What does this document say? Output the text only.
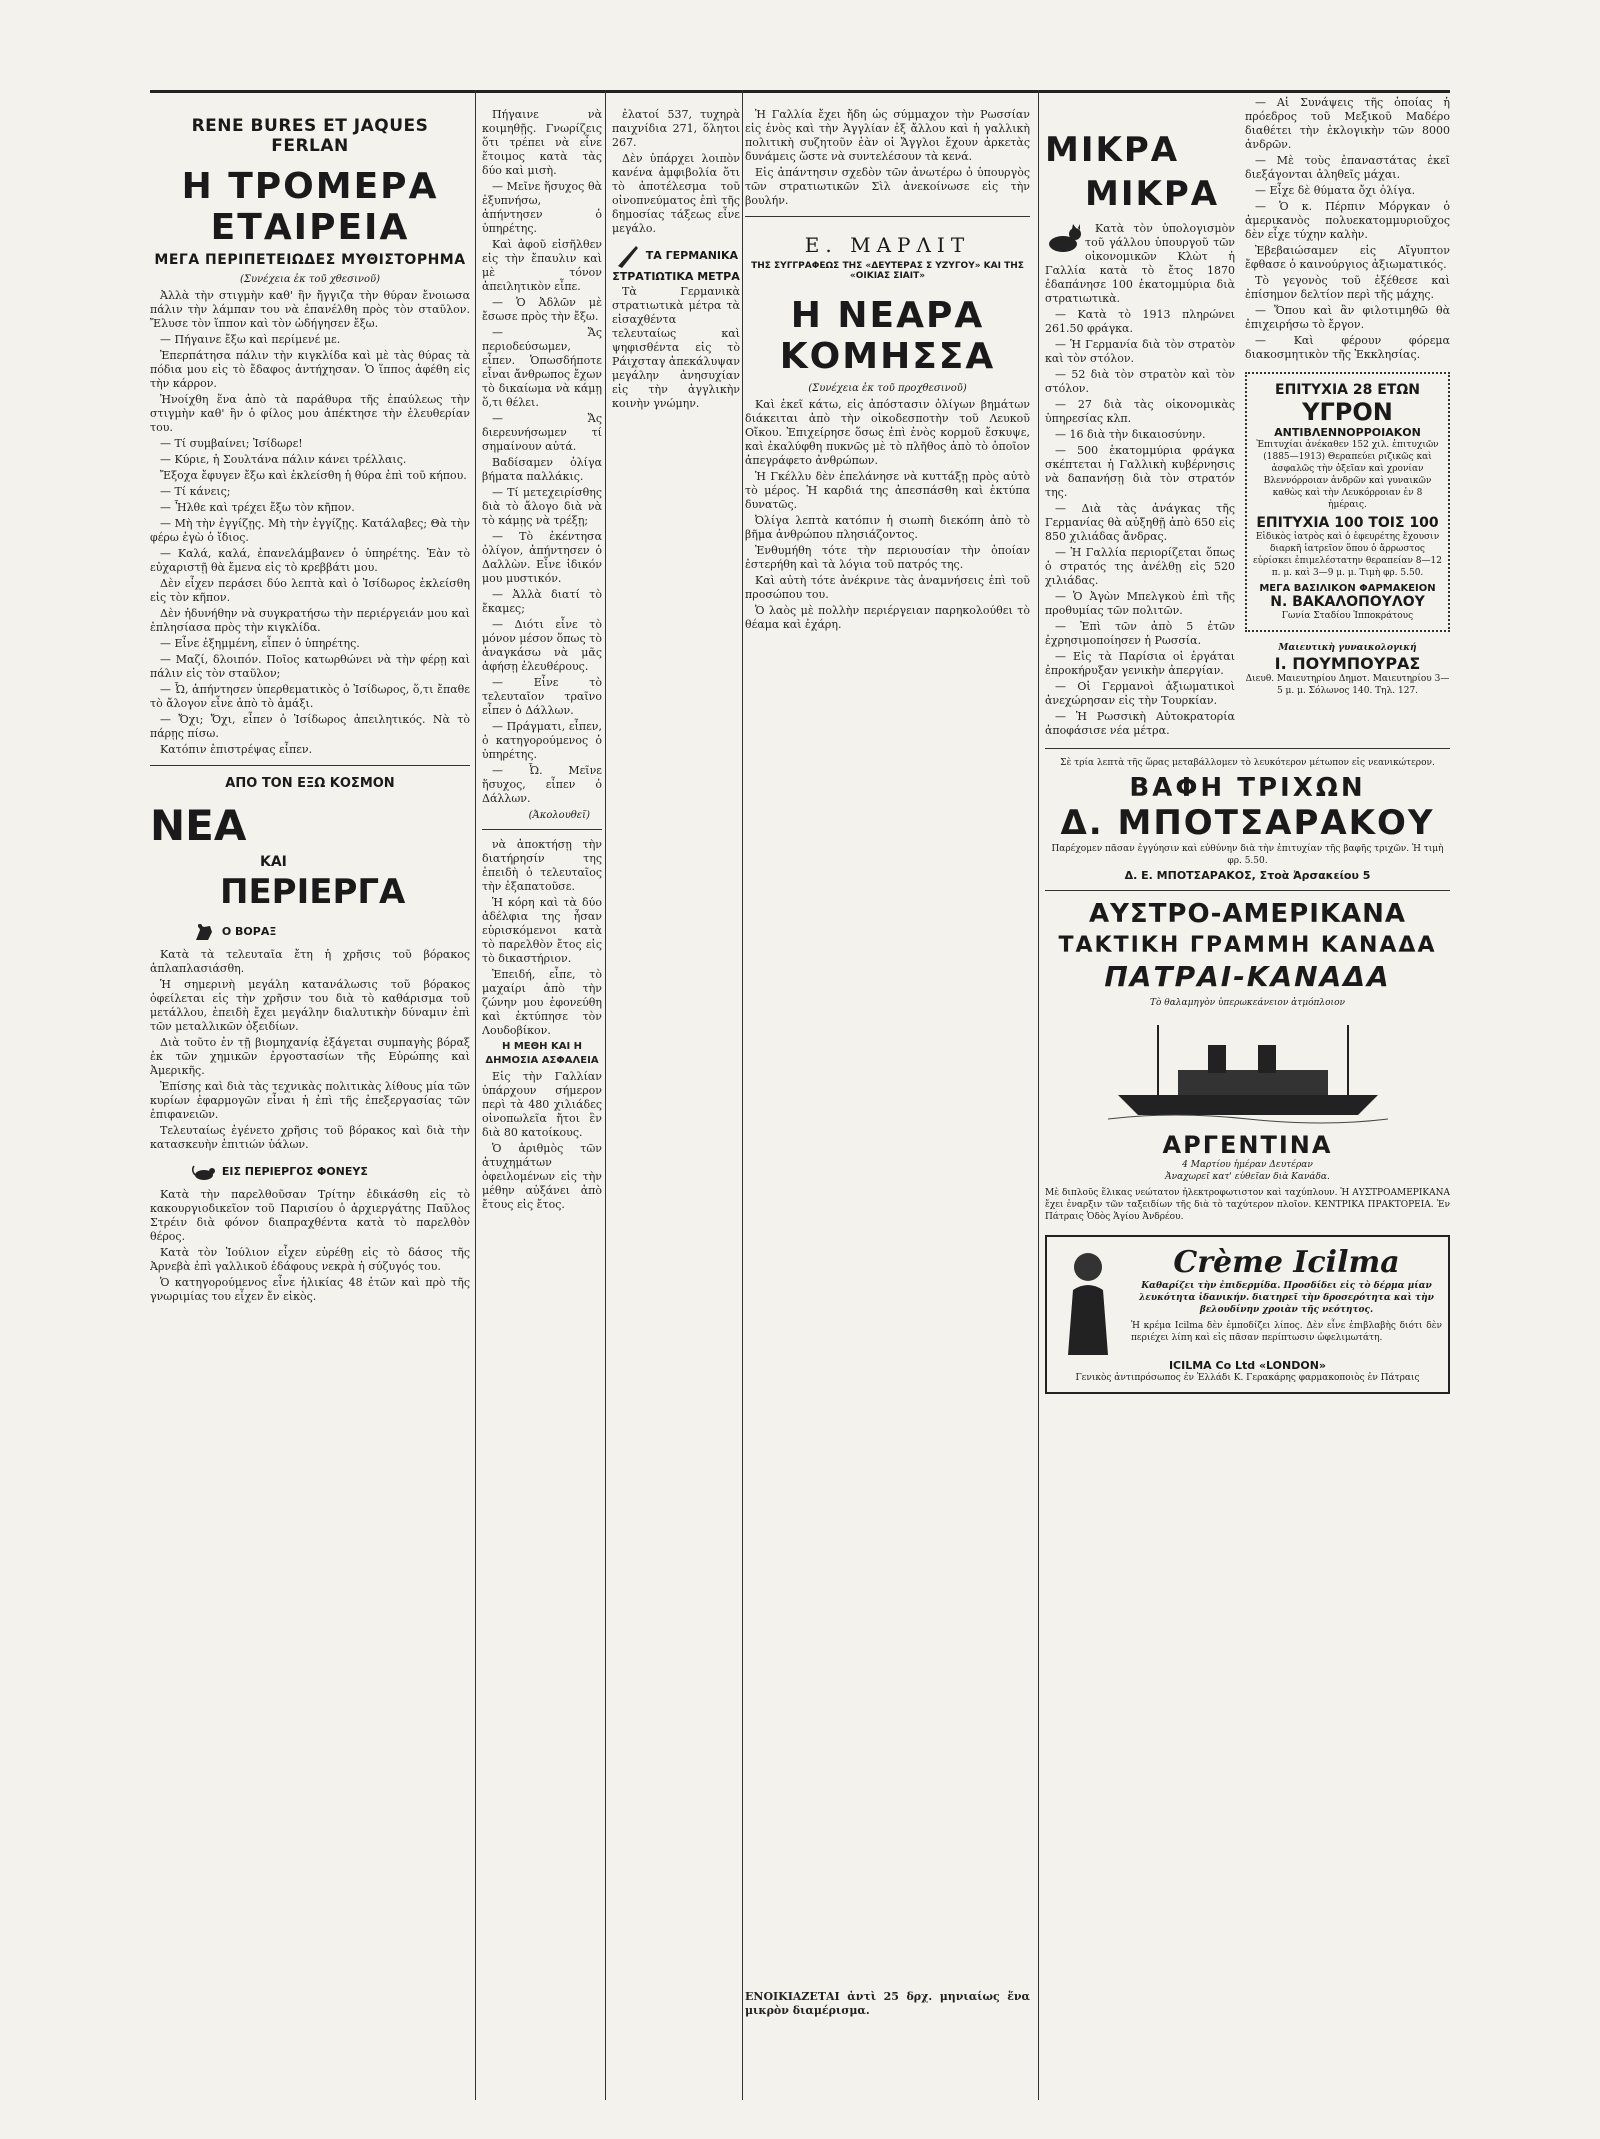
RENE BURES ET JAQUES FERLAN
Η ΤΡΟΜΕΡΑ ΕΤΑΙΡΕΙΑ
ΜΕΓΑ ΠΕΡΙΠΕΤΕΙΩΔΕΣ ΜΥΘΙΣΤΟΡΗΜΑ
(Συνέχεια ἐκ τοῦ χθεσινοῦ)

Ἀλλὰ τὴν στιγμὴν καθ' ἣν ἤγγιζα τὴν θύραν ἔνοιωσα πάλιν τὴν λάμπαν του νὰ ἐπανέλθη πρὸς τὸν σταῦλον. Ἔλυσε τὸν ἵππον καὶ τὸν ὡδήγησεν ἔξω.

— Πήγαινε ἔξω καὶ περίμενέ με.

Ἐπερπάτησα πάλιν τὴν κιγκλίδα καὶ μὲ τὰς θύρας τὰ πόδια μου εἰς τὸ ἔδαφος ἀντήχησαν. Ὁ ἵππος ἀφέθη εἰς τὴν κάρρον.

Ἠνοίχθη ἕνα ἀπὸ τὰ παράθυρα τῆς ἐπαύλεως τὴν στιγμὴν καθ' ἣν ὁ φίλος μου ἀπέκτησε τὴν ἐλευθερίαν του.

— Τί συμβαίνει; Ἰσίδωρε!

— Κύριε, ἡ Σουλτάνα πάλιν κάνει τρέλλαις.

Ἔξοχα ἔφυγεν ἔξω καὶ ἐκλείσθη ἡ θύρα ἐπὶ τοῦ κήπου.

— Τί κάνεις;

— Ἦλθε καὶ τρέχει ἔξω τὸν κῆπον.

— Μὴ τὴν ἐγγίζῃς. Μὴ τὴν ἐγγίζῃς. Κατάλαβες; Θὰ τὴν φέρω ἐγὼ ὁ ἴδιος.

— Καλά, καλά, ἐπανελάμβανεν ὁ ὑπηρέτης. Ἐὰν τὸ εὐχαριστῇ θὰ ἔμενα εἰς τὸ κρεββάτι μου.

Δὲν εἶχεν περάσει δύο λεπτὰ καὶ ὁ Ἰσίδωρος ἐκλείσθη εἰς τὸν κῆπον.

Δὲν ἠδυνήθην νὰ συγκρατήσω τὴν περιέργειάν μου καὶ ἐπλησίασα πρὸς τὴν κιγκλίδα.

— Εἶνε ἐξημμένη, εἶπεν ὁ ὑπηρέτης.

— Μαζί, δλοιπόν. Ποῖος κατωρθώνει νὰ τὴν φέρῃ καὶ πάλιν εἰς τὸν σταῦλον;

— Ὦ, ἀπήντησεν ὑπερθεματικὸς ὁ Ἰσίδωρος, ὅ,τι ἔπαθε τὸ ἄλογον εἶνε ἀπὸ τὸ ἀμάξι.

— Ὄχι; Ὄχι, εἶπεν ὁ Ἰσίδωρος ἀπειλητικός. Νὰ τὸ πάρῃς πίσω.

Κατόπιν ἐπιστρέψας εἶπεν.

ΑΠΟ ΤΟΝ ΕΞΩ ΚΟΣΜΟΝ
ΝΕΑ
ΚΑΙ
ΠΕΡΙΕΡΓΑ
Ο ΒΟΡΑΞ

Κατὰ τὰ τελευταῖα ἔτη ἡ χρῆσις τοῦ βόρακος ἀπλαπλασιάσθη.

Ἡ σημερινὴ μεγάλη κατανάλωσις τοῦ βόρακος ὀφείλεται εἰς τὴν χρῆσιν του διὰ τὸ καθάρισμα τοῦ μετάλλου, ἐπειδὴ ἔχει μεγάλην διαλυτικὴν δύναμιν ἐπὶ τῶν μεταλλικῶν ὀξειδίων.

Διὰ τοῦτο ἐν τῇ βιομηχανίᾳ ἐξάγεται συμπαγὴς βόραξ ἐκ τῶν χημικῶν ἐργοστασίων τῆς Εὐρώπης καὶ Ἀμερικῆς.

Ἐπίσης καὶ διὰ τὰς τεχνικὰς πολιτικὰς λίθους μία τῶν κυρίων ἐφαρμογῶν εἶναι ἡ ἐπὶ τῆς ἐπεξεργασίας τῶν ἐπιφανειῶν.

Τελευταίως ἐγένετο χρῆσις τοῦ βόρακος καὶ διὰ τὴν κατασκευὴν ἐπιτιών ὑάλων.

ΕΙΣ ΠΕΡΙΕΡΓΟΣ ΦΟΝΕΥΣ

Κατὰ τὴν παρελθοῦσαν Τρίτην ἐδικάσθη εἰς τὸ κακουργιοδικεῖον τοῦ Παρισίου ὁ ἀρχιεργάτης Παῦλος Στρέιν διὰ φόνον διαπραχθέντα κατὰ τὸ παρελθὸν θέρος.

Κατὰ τὸν Ἰούλιον εἶχεν εὑρέθῃ εἰς τὸ δάσος τῆς Ἀρνεβὰ ἐπὶ γαλλικοῦ ἐδάφους νεκρὰ ἡ σύζυγός του.

Ὁ κατηγορούμενος εἶνε ἡλικίας 48 ἐτῶν καὶ πρὸ τῆς γνωριμίας του εἶχεν ἔν εἰκὸς.

Πήγαινε νὰ κοιμηθῇς. Γνωρίζεις ὅτι τρέπει νὰ εἶνε ἕτοιμος κατὰ τὰς δύο καὶ μισὴ.

— Μεῖνε ἥσυχος θὰ ἐξυπνήσω, ἀπήντησεν ὁ ὑπηρέτης.

Καὶ ἀφοῦ εἰσῆλθεν εἰς τὴν ἔπαυλιν καὶ μὲ τόνον ἀπειλητικὸν εἶπε.

— Ὁ Ἀδλῶν μὲ ἔσωσε πρὸς τὴν ἔξω.

— Ἄς περιοδεύσωμεν, εἶπεν. Ὁπωσδήποτε εἶναι ἄνθρωπος ἔχων τὸ δικαίωμα νὰ κάμῃ ὅ,τι θέλει.

— Ἄς διερευνήσωμεν τί σημαίνουν αὐτά.

Βαδίσαμεν ὀλίγα βήματα παλλάκις.

— Τί μετεχειρίσθης διὰ τὸ ἄλογο διὰ νὰ τὸ κάμῃς νὰ τρέξῃ;

— Τὸ ἐκέντησα ὀλίγον, ἀπήντησεν ὁ Δαλλὼν. Εἶνε ἰδικόν μου μυστικόν.

— Ἀλλὰ διατί τὸ ἔκαμες;

— Διότι εἶνε τὸ μόνον μέσον ὅπως τὸ ἀναγκάσω νὰ μᾶς ἀφήσῃ ἐλευθέρους.

— Εἶνε τὸ τελευταῖον τραῖνο εἶπεν ὁ Δάλλων.

— Πράγματι, εἶπεν, ὁ κατηγορούμενος ὁ ὑπηρέτης.

— Ὦ. Μεῖνε ἥσυχος, εἶπεν ὁ Δάλλων.

(Ἀκολουθεῖ)

νὰ ἀποκτήσῃ τὴν διατήρησίν της ἐπειδὴ ὁ τελευταῖος τὴν ἐξαπατοῦσε.

Ἡ κόρη καὶ τὰ δύο ἀδέλφια της ἦσαν εὑρισκόμενοι κατὰ τὸ παρελθὸν ἔτος εἰς τὸ δικαστήριον.

Ἐπειδή, εἶπε, τὸ μαχαίρι ἀπὸ τὴν ζώνην μου ἐφονεύθη καὶ ἐκτύπησε τὸν Λουδοβίκον.

Η ΜΕΘΗ ΚΑΙ Η ΔΗΜΟΣΙΑ ΑΣΦΑΛΕΙΑ

Εἰς τὴν Γαλλίαν ὑπάρχουν σήμερον περὶ τὰ 480 χιλιάδες οἰνοπωλεῖα ἤτοι ἓν διὰ 80 κατοίκους.

Ὁ ἀριθμὸς τῶν ἀτυχημάτων ὀφειλομένων εἰς τὴν μέθην αὐξάνει ἀπὸ ἔτους εἰς ἔτος.

ἐλατοί 537, τυχηρὰ παιχνίδια 271, ὅλητοι 267.

Δὲν ὑπάρχει λοιπὸν κανένα ἀμφιβολία ὅτι τὸ ἀποτέλεσμα τοῦ οἰνοπνεύματος ἐπὶ τῆς δημοσίας τάξεως εἶνε μεγάλο.

ΤΑ ΓΕΡΜΑΝΙΚΑ ΣΤΡΑΤΙΩΤΙΚΑ ΜΕΤΡΑ

Τὰ Γερμανικὰ στρατιωτικὰ μέτρα τὰ εἰσαχθέντα τελευταίως καὶ ψηφισθέντα εἰς τὸ Ράιχσταγ ἀπεκάλυψαν μεγάλην ἀνησυχίαν εἰς τὴν ἀγγλικὴν κοινὴν γνώμην.

Ἡ Γαλλία ἔχει ἤδη ὡς σύμμαχον τὴν Ρωσσίαν εἰς ἑνὸς καὶ τὴν Ἀγγλίαν ἐξ ἄλλου καὶ ἡ γαλλικὴ πολιτικὴ συζητοῦν ἐὰν οἱ Ἄγγλοι ἔχουν ἀρκετὰς δυνάμεις ὥστε νὰ συντελέσουν τὰ κενά.

Εἰς ἀπάντησιν σχεδὸν τῶν ἀνωτέρω ὁ ὑπουργὸς τῶν στρατιωτικῶν Σὶλ ἀνεκοίνωσε εἰς τὴν βουλήν.

Ε. ΜΑΡΛΙΤ
ΤΗΣ ΣΥΓΓΡΑΦΕΩΣ ΤΗΣ «ΔΕΥΤΕΡΑΣ Σ ΥΖΥΓΟΥ» ΚΑΙ ΤΗΣ «ΟΙΚΙΑΣ ΣΙΑΙΤ»
Η ΝΕΑΡΑ ΚΟΜΗΣΣΑ
(Συνέχεια ἐκ τοῦ προχθεσινοῦ)

Καὶ ἐκεῖ κάτω, εἰς ἀπόστασιν ὀλίγων βημάτων διάκειται ἀπὸ τὴν οἰκοδεσποτὴν τοῦ Λευκοῦ Οἴκου. Ἐπιχείρησε ὅσως ἐπὶ ἐνὸς κορμοῦ ἔσκυψε, καὶ ἐκαλύφθη πυκνῶς μὲ τὸ πλῆθος ἀπὸ τὸ ὁποῖον ἀπεγράφετο ἀνθρώπων.

Ἡ Γκέλλυ δὲν ἐπελάνησε νὰ κυττάξῃ πρὸς αὐτὸ τὸ μέρος. Ἡ καρδιά της ἀπεσπάσθη καὶ ἐκτύπα δυνατῶς.

Ὀλίγα λεπτὰ κατόπιν ἡ σιωπὴ διεκόπη ἀπὸ τὸ βῆμα ἀνθρώπου πλησιάζοντος.

Ἐνθυμήθη τότε τὴν περιουσίαν τὴν ὁποίαν ἐστερήθη καὶ τὰ λόγια τοῦ πατρός της.

Καὶ αὐτὴ τότε ἀνέκρινε τὰς ἀναμνήσεις ἐπὶ τοῦ προσώπου του.

Ὁ λαὸς μὲ πολλὴν περιέργειαν παρηκολούθει τὸ θέαμα καὶ ἐχάρη.

ΕΝΟΙΚΙΑΖΕΤΑΙ ἀντὶ 25 δρχ. μηνιαίως ἕνα μικρὸν διαμέρισμα.
ΜΙΚΡΑ
ΜΙΚΡΑ

Κατὰ τὸν ὑπολογισμὸν τοῦ γάλλου ὑπουργοῦ τῶν οἰκονομικῶν Κλὼτ ἡ Γαλλία κατὰ τὸ ἔτος 1870 ἐδαπάνησε 100 ἑκατομμύρια διὰ στρατιωτικὰ.

— Κατὰ τὸ 1913 πληρώνει 261.50 φράγκα.

— Ἡ Γερμανία διὰ τὸν στρατὸν καὶ τὸν στόλον.

— 52 διὰ τὸν στρατὸν καὶ τὸν στόλον.

— 27 διὰ τὰς οἰκονομικὰς ὑπηρεσίας κλπ.

— 16 διὰ τὴν δικαιοσύνην.

— 500 ἑκατομμύρια φράγκα σκέπτεται ἡ Γαλλικὴ κυβέρνησις νὰ δαπανήσῃ διὰ τὸν στρατόν της.

— Διὰ τὰς ἀνάγκας τῆς Γερμανίας θὰ αὐξηθῇ ἀπὸ 650 εἰς 850 χιλιάδας ἄνδρας.

— Ἡ Γαλλία περιορίζεται ὅπως ὁ στρατός της ἀνέλθῃ εἰς 520 χιλιάδας.

— Ὁ Ἀγὼν Μπελγκοὺ ἐπὶ τῆς προθυμίας τῶν πολιτῶν.

— Ἐπὶ τῶν ἀπὸ 5 ἐτῶν ἐχρησιμοποίησεν ἡ Ρωσσία.

— Εἰς τὰ Παρίσια οἱ ἐργάται ἐπροκήρυξαν γενικὴν ἀπεργίαν.

— Οἱ Γερμανοὶ ἀξιωματικοὶ ἀνεχώρησαν εἰς τὴν Τουρκίαν.

— Ἡ Ρωσσικὴ Αὐτοκρατορία ἀποφάσισε νέα μέτρα.

— Αἱ Συνάψεις τῆς ὁποίας ἡ πρόεδρος τοῦ Μεξικοῦ Μαδέρο διαθέτει τὴν ἐκλογικὴν τῶν 8000 ἀνδρῶν.

— Μὲ τοὺς ἐπαναστάτας ἐκεῖ διεξάγονται ἀληθεῖς μάχαι.

— Εἶχε δὲ θύματα ὄχι ὀλίγα.

— Ὁ κ. Πέρπιν Μόργκαν ὁ ἀμερικανὸς πολυεκατομμυριοῦχος δὲν εἶχε τύχην καλὴν.

Ἐβεβαιώσαμεν εἰς Αἴγυπτον ἔφθασε ὁ καινούργιος ἀξιωματικός.

Τὸ γεγονὸς τοῦ ἐξέθεσε καὶ ἐπίσημον δελτίον περὶ τῆς μάχης.

— Ὅπου καὶ ἂν φιλοτιμηθῶ θὰ ἐπιχειρήσω τὸ ἔργον.

— Καὶ φέρουν φόρεμα διακοσμητικὸν τῆς Ἐκκλησίας.

ΕΠΙΤΥΧΙΑ 28 ΕΤΩΝ
ΥΓΡΟΝ
ΑΝΤΙΒΛΕΝΝΟΡΡΟΙΑΚΟΝ
Ἐπιτυχίαι ἀνέκαθεν 152 χιλ. ἐπιτυχιῶν (1885—1913) Θεραπεύει ριζικῶς καὶ ἀσφαλῶς τὴν ὀξεῖαν καὶ χρονίαν Βλεννόρροιαν ἀνδρῶν καὶ γυναικῶν καθὼς καὶ τὴν Λευκόρροιαν ἐν 8 ἡμέραις.
ΕΠΙΤΥΧΙΑ 100 ΤΟΙΣ 100
Εἰδικὸς ἰατρὸς καὶ ὁ ἐφευρέτης ἔχουσιν διαρκῆ ἰατρεῖον ὅπου ὁ ἄρρωστος εὑρίσκει ἐπιμελέστατην θεραπείαν 8—12 π. μ. καὶ 3—9 μ. μ. Τιμὴ φρ. 5.50.
ΜΕΓΑ ΒΑΣΙΛΙΚΟΝ ΦΑΡΜΑΚΕΙΟΝ
Ν. ΒΑΚΑΛΟΠΟΥΛΟΥ
Γωνία Σταδίου Ἱπποκράτους
Μαιευτικὴ γυναικολογική
Ι. ΠΟΥΜΠΟΥΡΑΣ
Διευθ. Μαιευτηρίου Δημοτ. Μαιευτηρίου 3—5 μ. μ. Σόλωνος 140. Τηλ. 127.
Σὲ τρία λεπτὰ τῆς ὥρας μεταβάλλομεν τὸ λευκότερον μέτωπον εἰς νεανικώτερον.
ΒΑΦΗ ΤΡΙΧΩΝ
Δ. ΜΠΟΤΣΑΡΑΚΟΥ
Παρέχομεν πᾶσαν ἐγγύησιν καὶ εὐθύνην διὰ τὴν ἐπιτυχίαν τῆς βαφῆς τριχῶν. Ἡ τιμὴ φρ. 5.50.
Δ. Ε. ΜΠΟΤΣΑΡΑΚΟΣ, Στοὰ Ἀρσακείου 5
ΑΥΣΤΡΟ-ΑΜΕΡΙΚΑΝΑ
ΤΑΚΤΙΚΗ ΓΡΑΜΜΗ ΚΑΝΑΔΑ
ΠΑΤΡΑΙ-ΚΑΝΑΔΑ
Τὸ θαλαμηγὸν ὑπερωκεάνειον ἀτμόπλοιον
ΑΡΓΕΝΤΙΝΑ
4 Μαρτίου ἡμέραν Δευτέραν
Ἀναχωρεῖ κατ' εὐθεῖαν διὰ Κανάδα.
Μὲ διπλοῦς ἕλικας νεώτατον ἠλεκτροφωτιστον καὶ ταχύπλουν. Ἡ ΑΥΣΤΡΟΑΜΕΡΙΚΑΝΑ ἔχει ἐναρξιν τῶν ταξειδίων τῆς διὰ τὸ ταχύτερον πλοῖον. ΚΕΝΤΡΙΚΑ ΠΡΑΚΤΟΡΕΙΑ. Ἐν Πάτραις Ὁδὸς Ἁγίου Ἀνδρέου.
Crème Icilma
Καθαρίζει τὴν ἐπιδερμίδα. Προσδίδει εἰς τὸ δέρμα μίαν λευκότητα ἰδανικήν. διατηρεῖ τὴν δροσερότητα καὶ τὴν βελουδίνην χροιὰν τῆς νεότητος.
Ἡ κρέμα Icilma δὲν ἐμποδίζει λίπος. Δὲν εἶνε ἐπιβλαβὴς διότι δὲν περιέχει λίπη καὶ εἰς πᾶσαν περίπτωσιν ὠφελιμωτάτη.
ICILMA Co Ltd «LONDON»
Γενικὸς ἀντιπρόσωπος ἐν Ἑλλάδι Κ. Γερακάρης φαρμακοποιὸς ἐν Πάτραις
